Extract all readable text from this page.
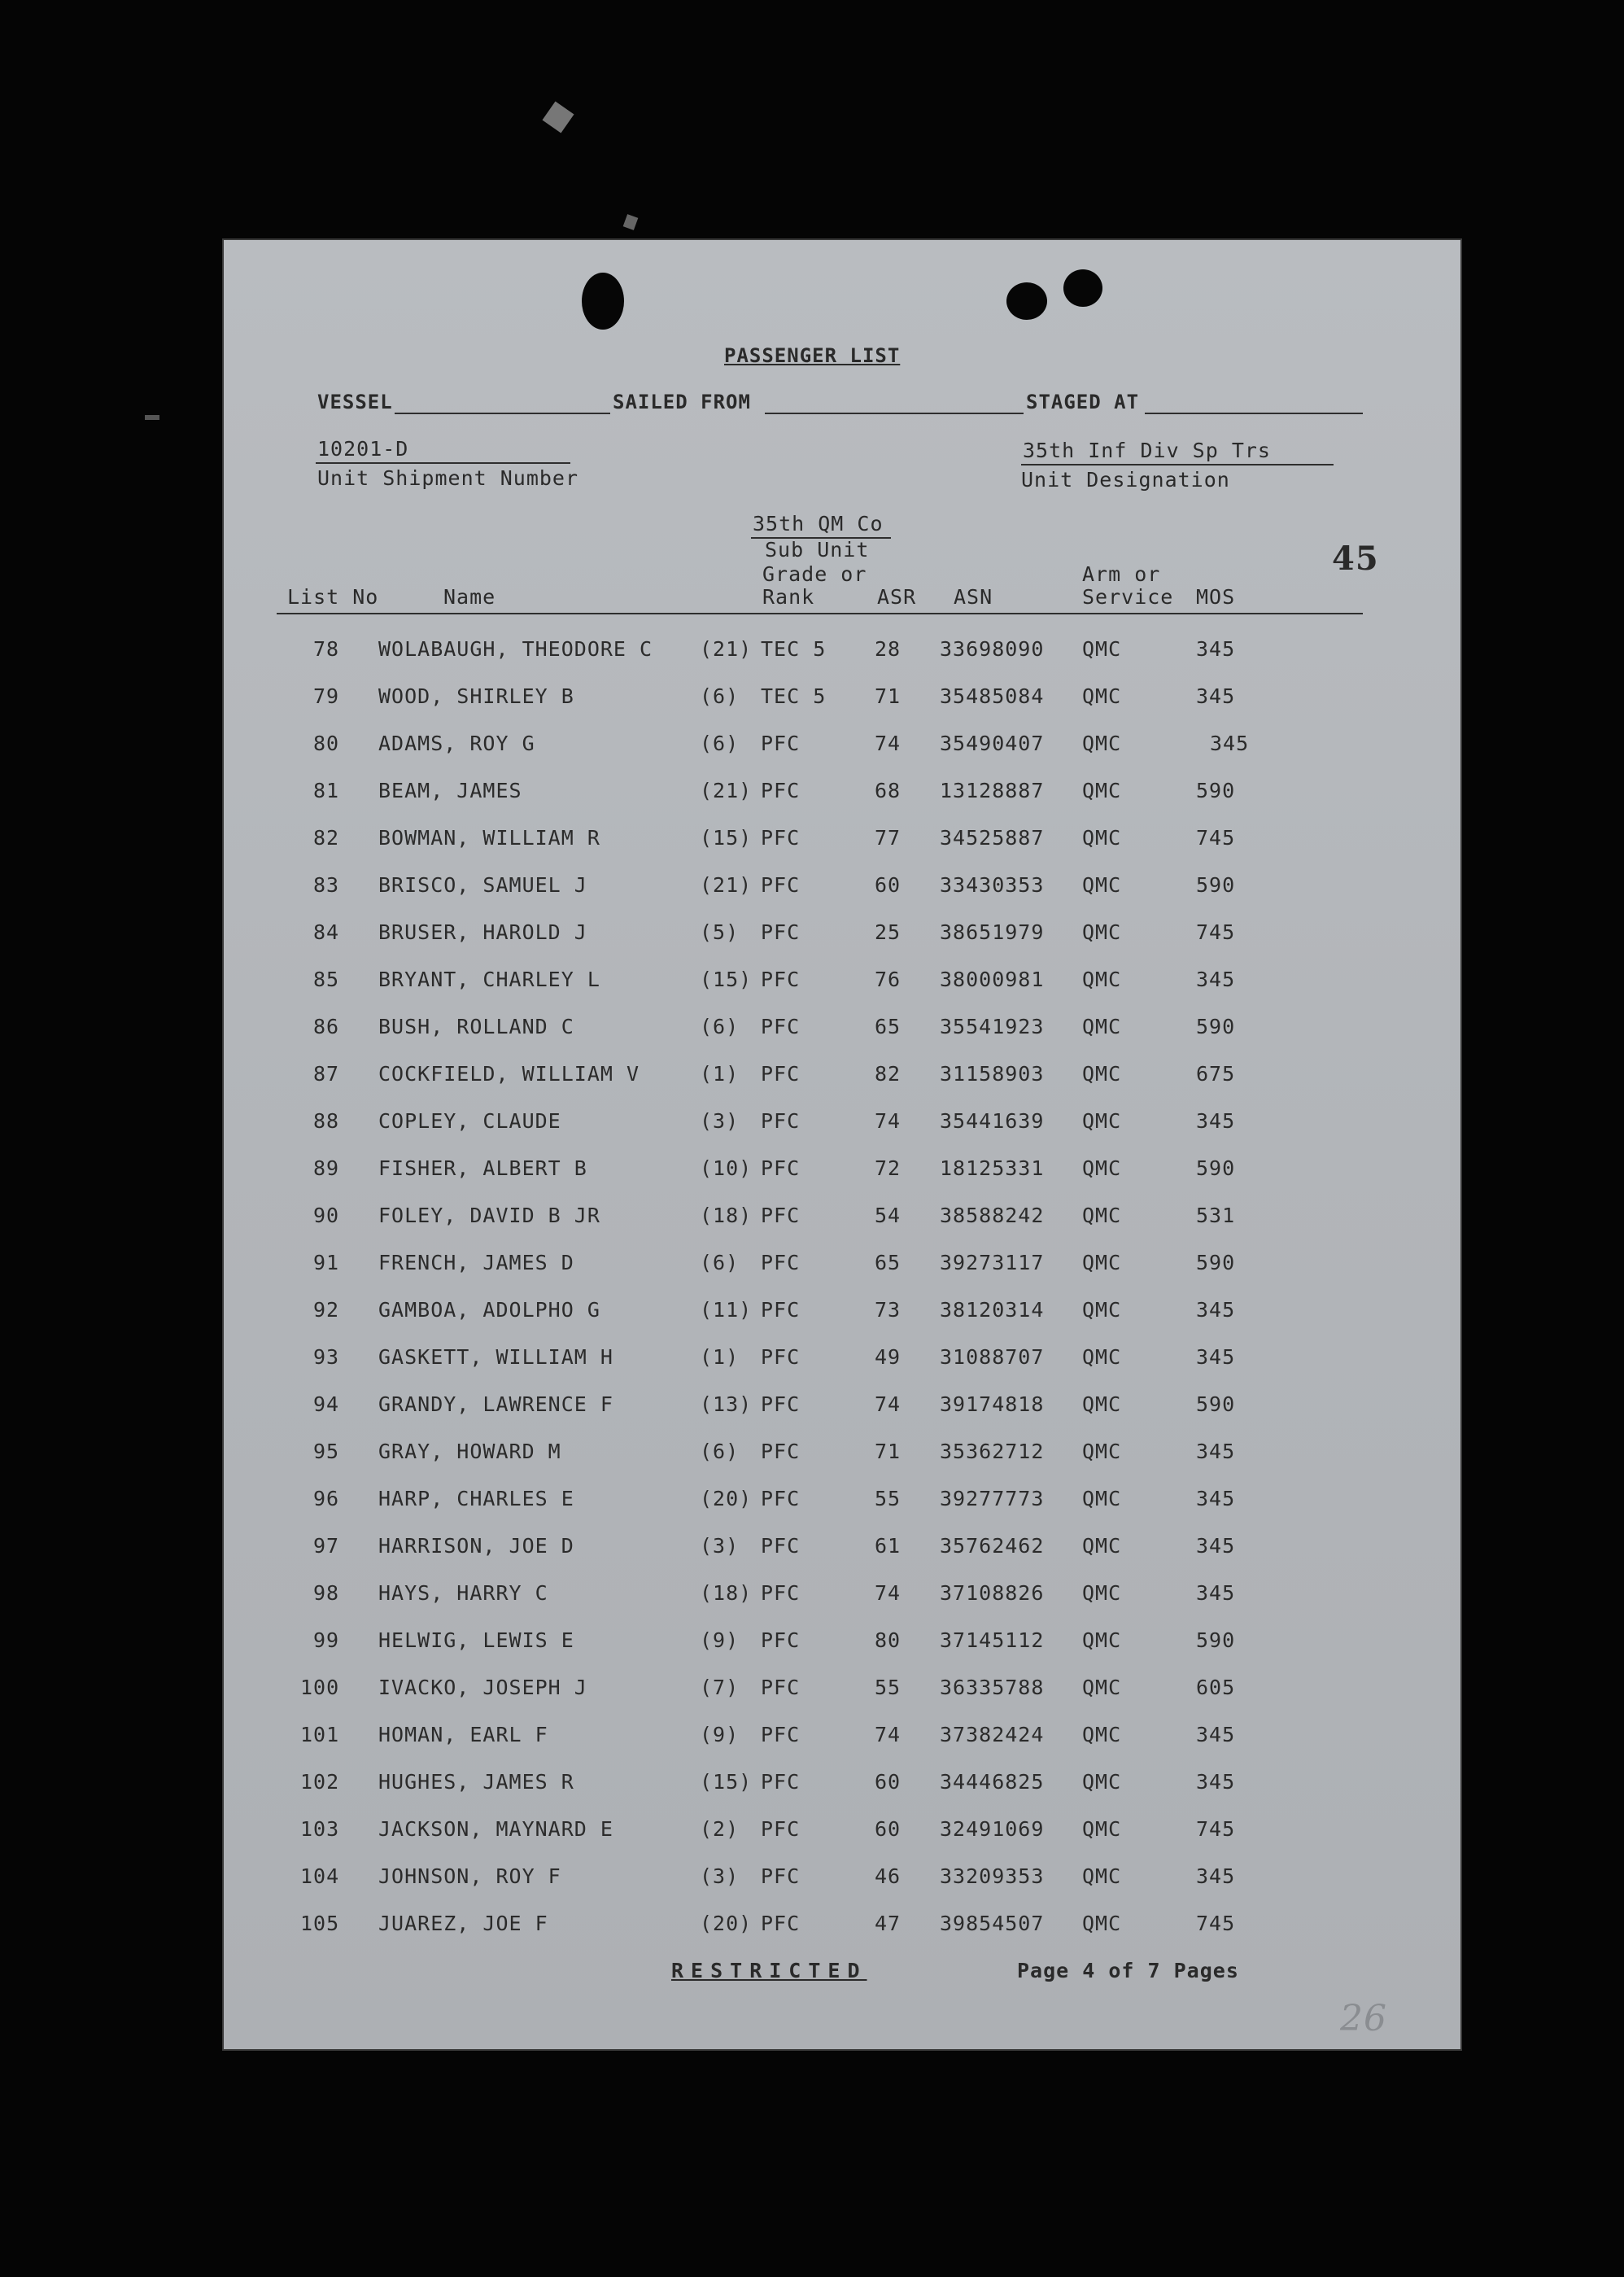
PASSENGER LIST
VESSEL	SAILED FROM	STAGED AT
10201-D
Unit Shipment Number
35th Inf Div Sp Trs
Unit Designation
35th QM Co
Sub Unit	45
Grade or	Arm or
List No	Name	Rank	ASR ASN	Service MOS
78 WOLABAUGH, THEODORE C (21) TEC 5 28 33698090 QMC	345
79 WOOD, SHIRLEY B	(6) TEC 5 71 35485084 QMC	345
80 ADAMS, ROY G	(6) PFC	74 35490407 QMC	345
81 BEAM, JAMES	(21) PFC	68 13128887 QMC	590
82 BOWMAN, WILLIAM R	(15) PFC	77 34525887 QMC	745
83 BRISCO, SAMUEL J	(21) PFC	60 33430353 QMC	590
84 BRUSER, HAROLD J	(5) PFC	25 38651979 QMC	745
85 BRYANT, CHARLEY L	(15) PFC	76 38000981 QMC	345
86 BUSH, ROLLAND C	(6) PFC	65 35541923 QMC	590
87 COCKFIELD, WILLIAM V	(1) PFC	82 31158903 QMC	675
88 COPLEY, CLAUDE	(3) PFC	74 35441639 QMC	345
89 FISHER, ALBERT B	(10) PFC	72 18125331 QMC	590
90 FOLEY, DAVID B JR	(18) PFC	54 38588242 QMC	531
91 FRENCH, JAMES D	(6) PFC	65 39273117 QMC	590
92 GAMBOA, ADOLPHO G	(11) PFC	73 38120314 QMC	345
93 GASKETT, WILLIAM H	(1) PFC	49 31088707 QMC	345
94 GRANDY, LAWRENCE F	(13) PFC	74 39174818 QMC	590
95 GRAY, HOWARD M	(6) PFC	71 35362712 QMC	345
96 HARP, CHARLES E	(20) PFC	55 39277773 QMC	345
97 HARRISON, JOE D	(3) PFC	61 35762462 QMC	345
98 HAYS, HARRY C	(18) PFC	74 37108826 QMC	345
99 HELWIG, LEWIS E	(9) PFC	80 37145112 QMC	590
100 IVACKO, JOSEPH J	(7) PFC	55 36335788 QMC	605
101 HOMAN, EARL F	(9) PFC	74 37382424 QMC	345
102 HUGHES, JAMES R	(15) PFC	60 34446825 QMC	345
103 JACKSON, MAYNARD E	(2) PFC	60 32491069 QMC	745
104 JOHNSON, ROY F	(3) PFC	46 33209353 QMC	345
105 JUAREZ, JOE F	(20) PFC	47 39854507 QMC	745
RESTRICTED	Page 4 of 7 Pages
26
